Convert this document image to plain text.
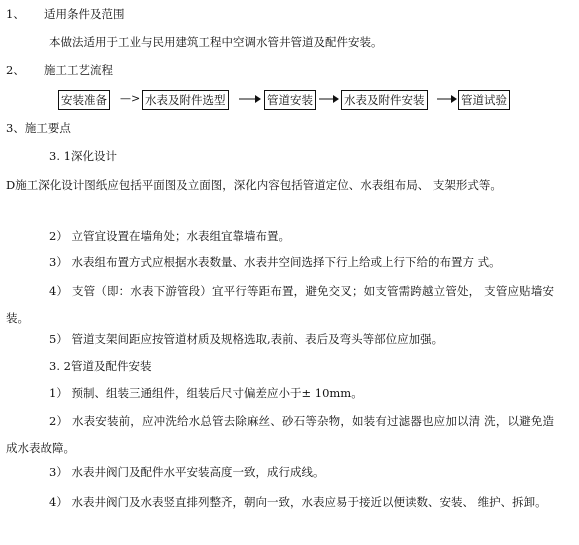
1、 适用条件及范围
本做法适用于工业与民用建筑工程中空调水管井管道及配件安装。
2、 施工工艺流程
安装准备 —> 水表及附件选型	管道安装	水表及附件安装	管道试验
3、施工要点
3. 1深化设计
D施工深化设计图纸应包括平面图及立面图，深化内容包括管道定位、水表组布局、 支架形式等。
2） 立管宜设置在墙角处；水表组宜靠墙布置。
3） 水表组布置方式应根据水表数量、水表井空间选择下行上给或上行下给的布置方 式。
4） 支管（即：水表下游管段）宜平行等距布置，避免交叉；如支管需跨越立管处， 支管应贴墙安装。
5） 管道支架间距应按管道材质及规格选取,表前、表后及弯头等部位应加强。
3. 2管道及配件安装
1） 预制、组装三通组件，组装后尺寸偏差应小于± 10mm。
2） 水表安装前，应冲洗给水总管去除麻丝、砂石等杂物，如装有过滤器也应加以清 洗，以避免造成水表故障。
3） 水表井阀门及配件水平安装高度一致，成行成线。
4） 水表井阀门及水表竖直排列整齐，朝向一致，水表应易于接近以便读数、安装、 维护、拆卸。
